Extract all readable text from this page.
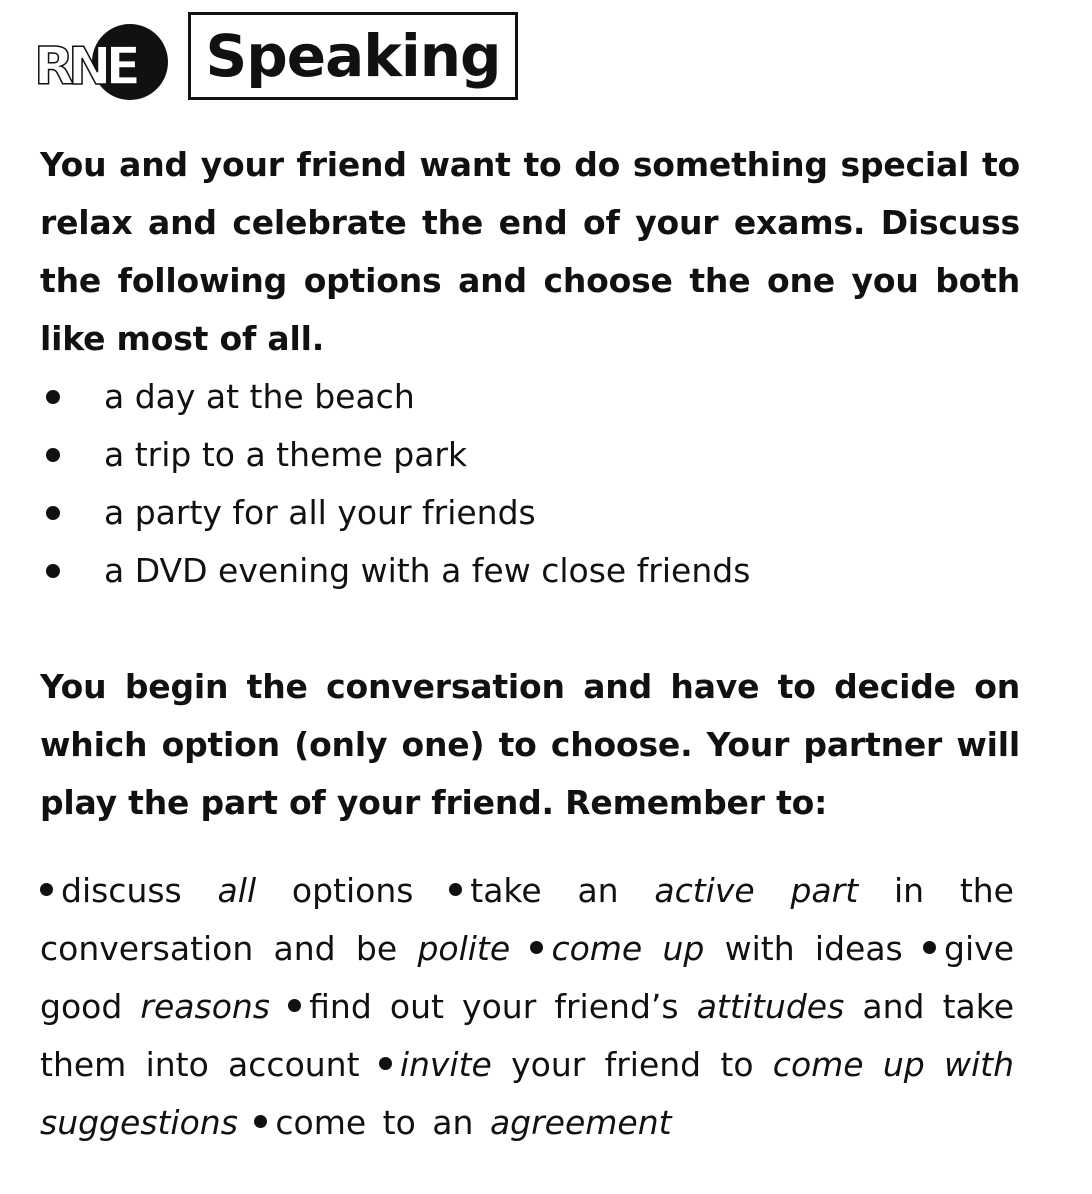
RNE Speaking
You and your friend want to do something special to relax and celebrate the end of your exams. Discuss the following options and choose the one you both like most of all.
a day at the beach
a trip to a theme park
a party for all your friends
a DVD evening with a few close friends
You begin the conversation and have to decide on which option (only one) to choose. Your partner will play the part of your friend. Remember to:
discuss all options take an active part in the conversation and be polite come up with ideas give good reasons find out your friend’s attitudes and take them into account invite your friend to come up with suggestions come to an agreement
